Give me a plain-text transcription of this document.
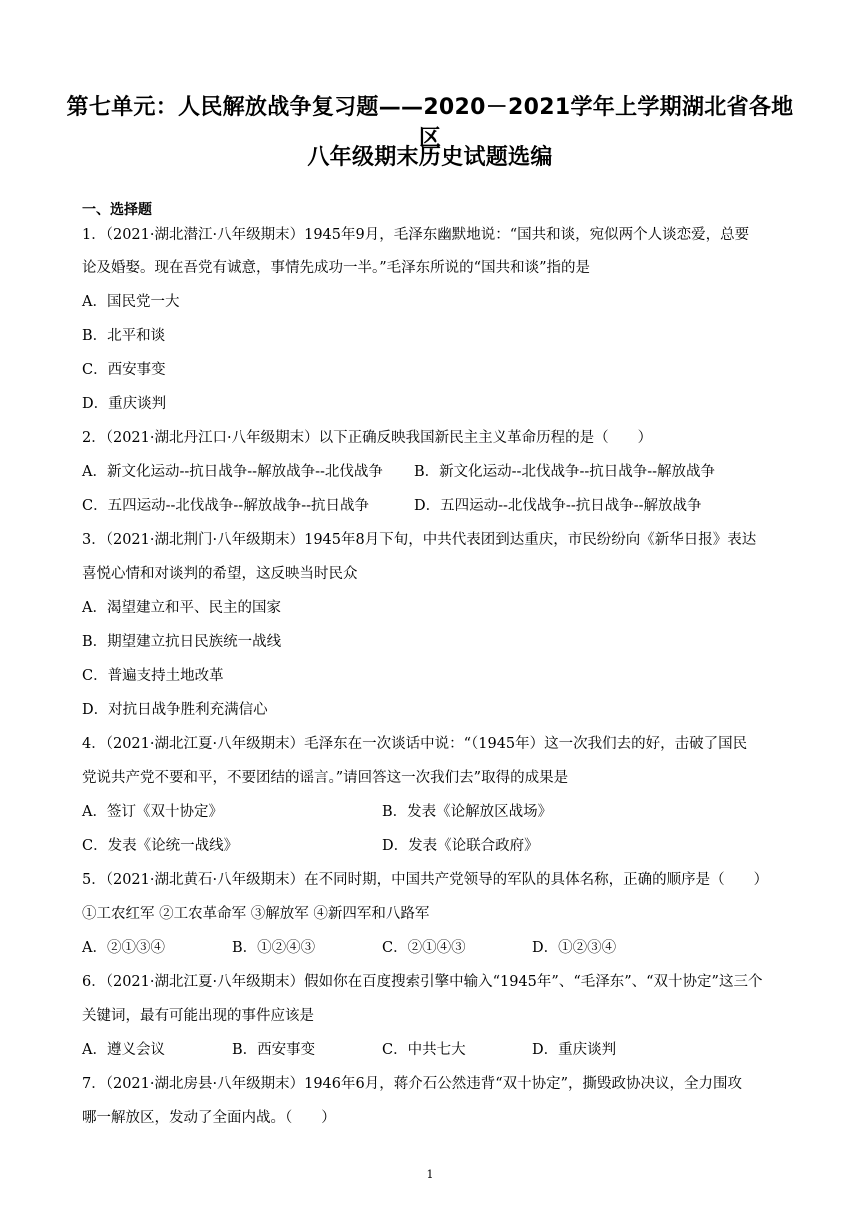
第七单元：人民解放战争复习题——2020－2021学年上学期湖北省各地区
八年级期末历史试题选编
一、选择题
1．（2021·湖北潜江·八年级期末）1945年9月，毛泽东幽默地说：“国共和谈，宛似两个人谈恋爱，总要
论及婚娶。现在吾党有诚意，事情先成功一半。”毛泽东所说的“国共和谈”指的是
A．国民党一大
B．北平和谈
C．西安事变
D．重庆谈判
2．（2021·湖北丹江口·八年级期末）以下正确反映我国新民主主义革命历程的是（　　）
A．新文化运动--抗日战争--解放战争--北伐战争 B．新文化运动--北伐战争--抗日战争--解放战争
C．五四运动--北伐战争--解放战争--抗日战争	D．五四运动--北伐战争--抗日战争--解放战争
3．（2021·湖北荆门·八年级期末）1945年8月下旬，中共代表团到达重庆，市民纷纷向《新华日报》表达
喜悦心情和对谈判的希望，这反映当时民众
A．渴望建立和平、民主的国家
B．期望建立抗日民族统一战线
C．普遍支持土地改革
D．对抗日战争胜利充满信心
4．（2021·湖北江夏·八年级期末）毛泽东在一次谈话中说：“（1945年）这一次我们去的好，击破了国民
党说共产党不要和平，不要团结的谣言。”请回答这一次我们去”取得的成果是
A．签订《双十协定》	B．发表《论解放区战场》
C．发表《论统一战线》	D．发表《论联合政府》
5．（2021·湖北黄石·八年级期末）在不同时期，中国共产党领导的军队的具体名称，正确的顺序是（　　）
①工农红军 ②工农革命军 ③解放军 ④新四军和八路军
A．②①③④	B．①②④③	C．②①④③	D．①②③④
6．（2021·湖北江夏·八年级期末）假如你在百度搜索引擎中输入“1945年”、“毛泽东”、“双十协定”这三个
关键词，最有可能出现的事件应该是
A．遵义会议	B．西安事变	C．中共七大	D．重庆谈判
7．（2021·湖北房县·八年级期末）1946年6月，蒋介石公然违背“双十协定”，撕毁政协决议，全力围攻
哪一解放区，发动了全面内战。（　　）
1
